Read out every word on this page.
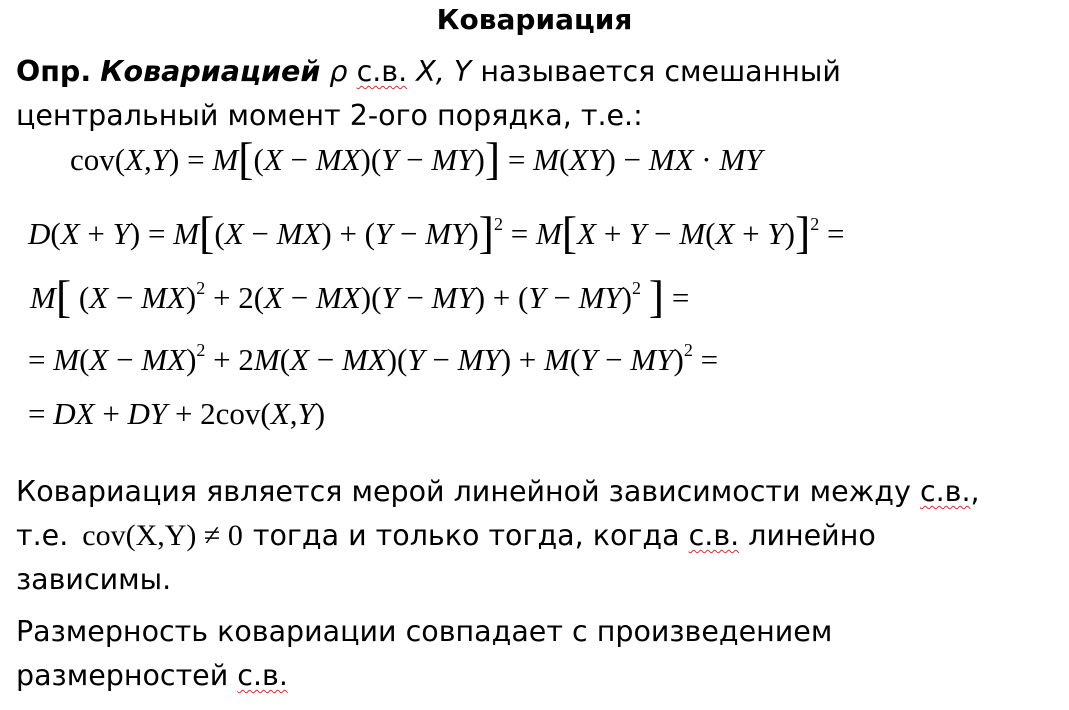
Ковариация
Опр. Ковариацией ρ с.в. X, Y называется смешанный
центральный момент 2-ого порядка, т.е.:
cov(X,Y) = M[(X − MX)(Y − MY)] = M(XY) − MX · MY
$D(X + Y) = M[(X - MX) + (Y - MY)]^2 = M[X + Y - M(X + Y)]^2$ =
M[ (X − MX)$^2$ + 2(X − MX)(Y − MY) + (Y − MY)$^2$ ] =
= M(X − MX)$^2$ + 2M(X − MX)(Y − MY) + M(Y − MY)$^2$ =
= DX + DY + 2cov(X,Y)
Ковариация является мерой линейной зависимости между с.в.,
т.е. cov(X,Y) ≠ 0 тогда и только тогда, когда с.в. линейно
зависимы.
Размерность ковариации совпадает с произведением
размерностей с.в.
